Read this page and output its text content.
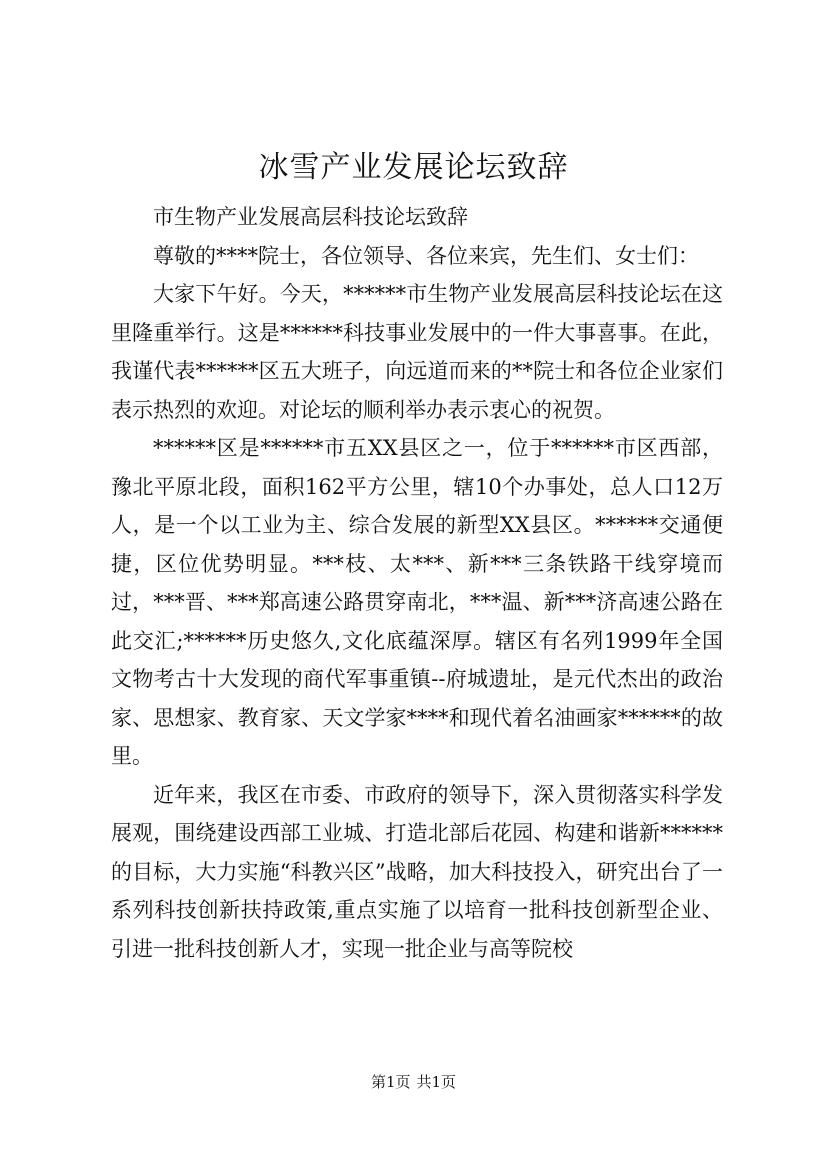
冰雪产业发展论坛致辞

市生物产业发展高层科技论坛致辞

尊敬的****院士，各位领导、各位来宾，先生们、女士们：

大家下午好。今天，******市生物产业发展高层科技论坛在这里隆重举行。这是******科技事业发展中的一件大事喜事。在此，我谨代表******区五大班子，向远道而来的**院士和各位企业家们表示热烈的欢迎。对论坛的顺利举办表示衷心的祝贺。

******区是******市五XX县区之一，位于******市区西部，豫北平原北段，面积162平方公里，辖10个办事处，总人口12万人，是一个以工业为主、综合发展的新型XX县区。******交通便捷，区位优势明显。***枝、太***、新***三条铁路干线穿境而过，***晋、***郑高速公路贯穿南北，***温、新***济高速公路在此交汇;******历史悠久,文化底蕴深厚。辖区有名列1999年全国文物考古十大发现的商代军事重镇--府城遗址，是元代杰出的政治家、思想家、教育家、天文学家****和现代着名油画家******的故里。

近年来，我区在市委、市政府的领导下，深入贯彻落实科学发展观，围绕建设西部工业城、打造北部后花园、构建和谐新******的目标，大力实施“科教兴区”战略，加大科技投入，研究出台了一系列科技创新扶持政策,重点实施了以培育一批科技创新型企业、引进一批科技创新人才，实现一批企业与高等院校

第1页 共1页
